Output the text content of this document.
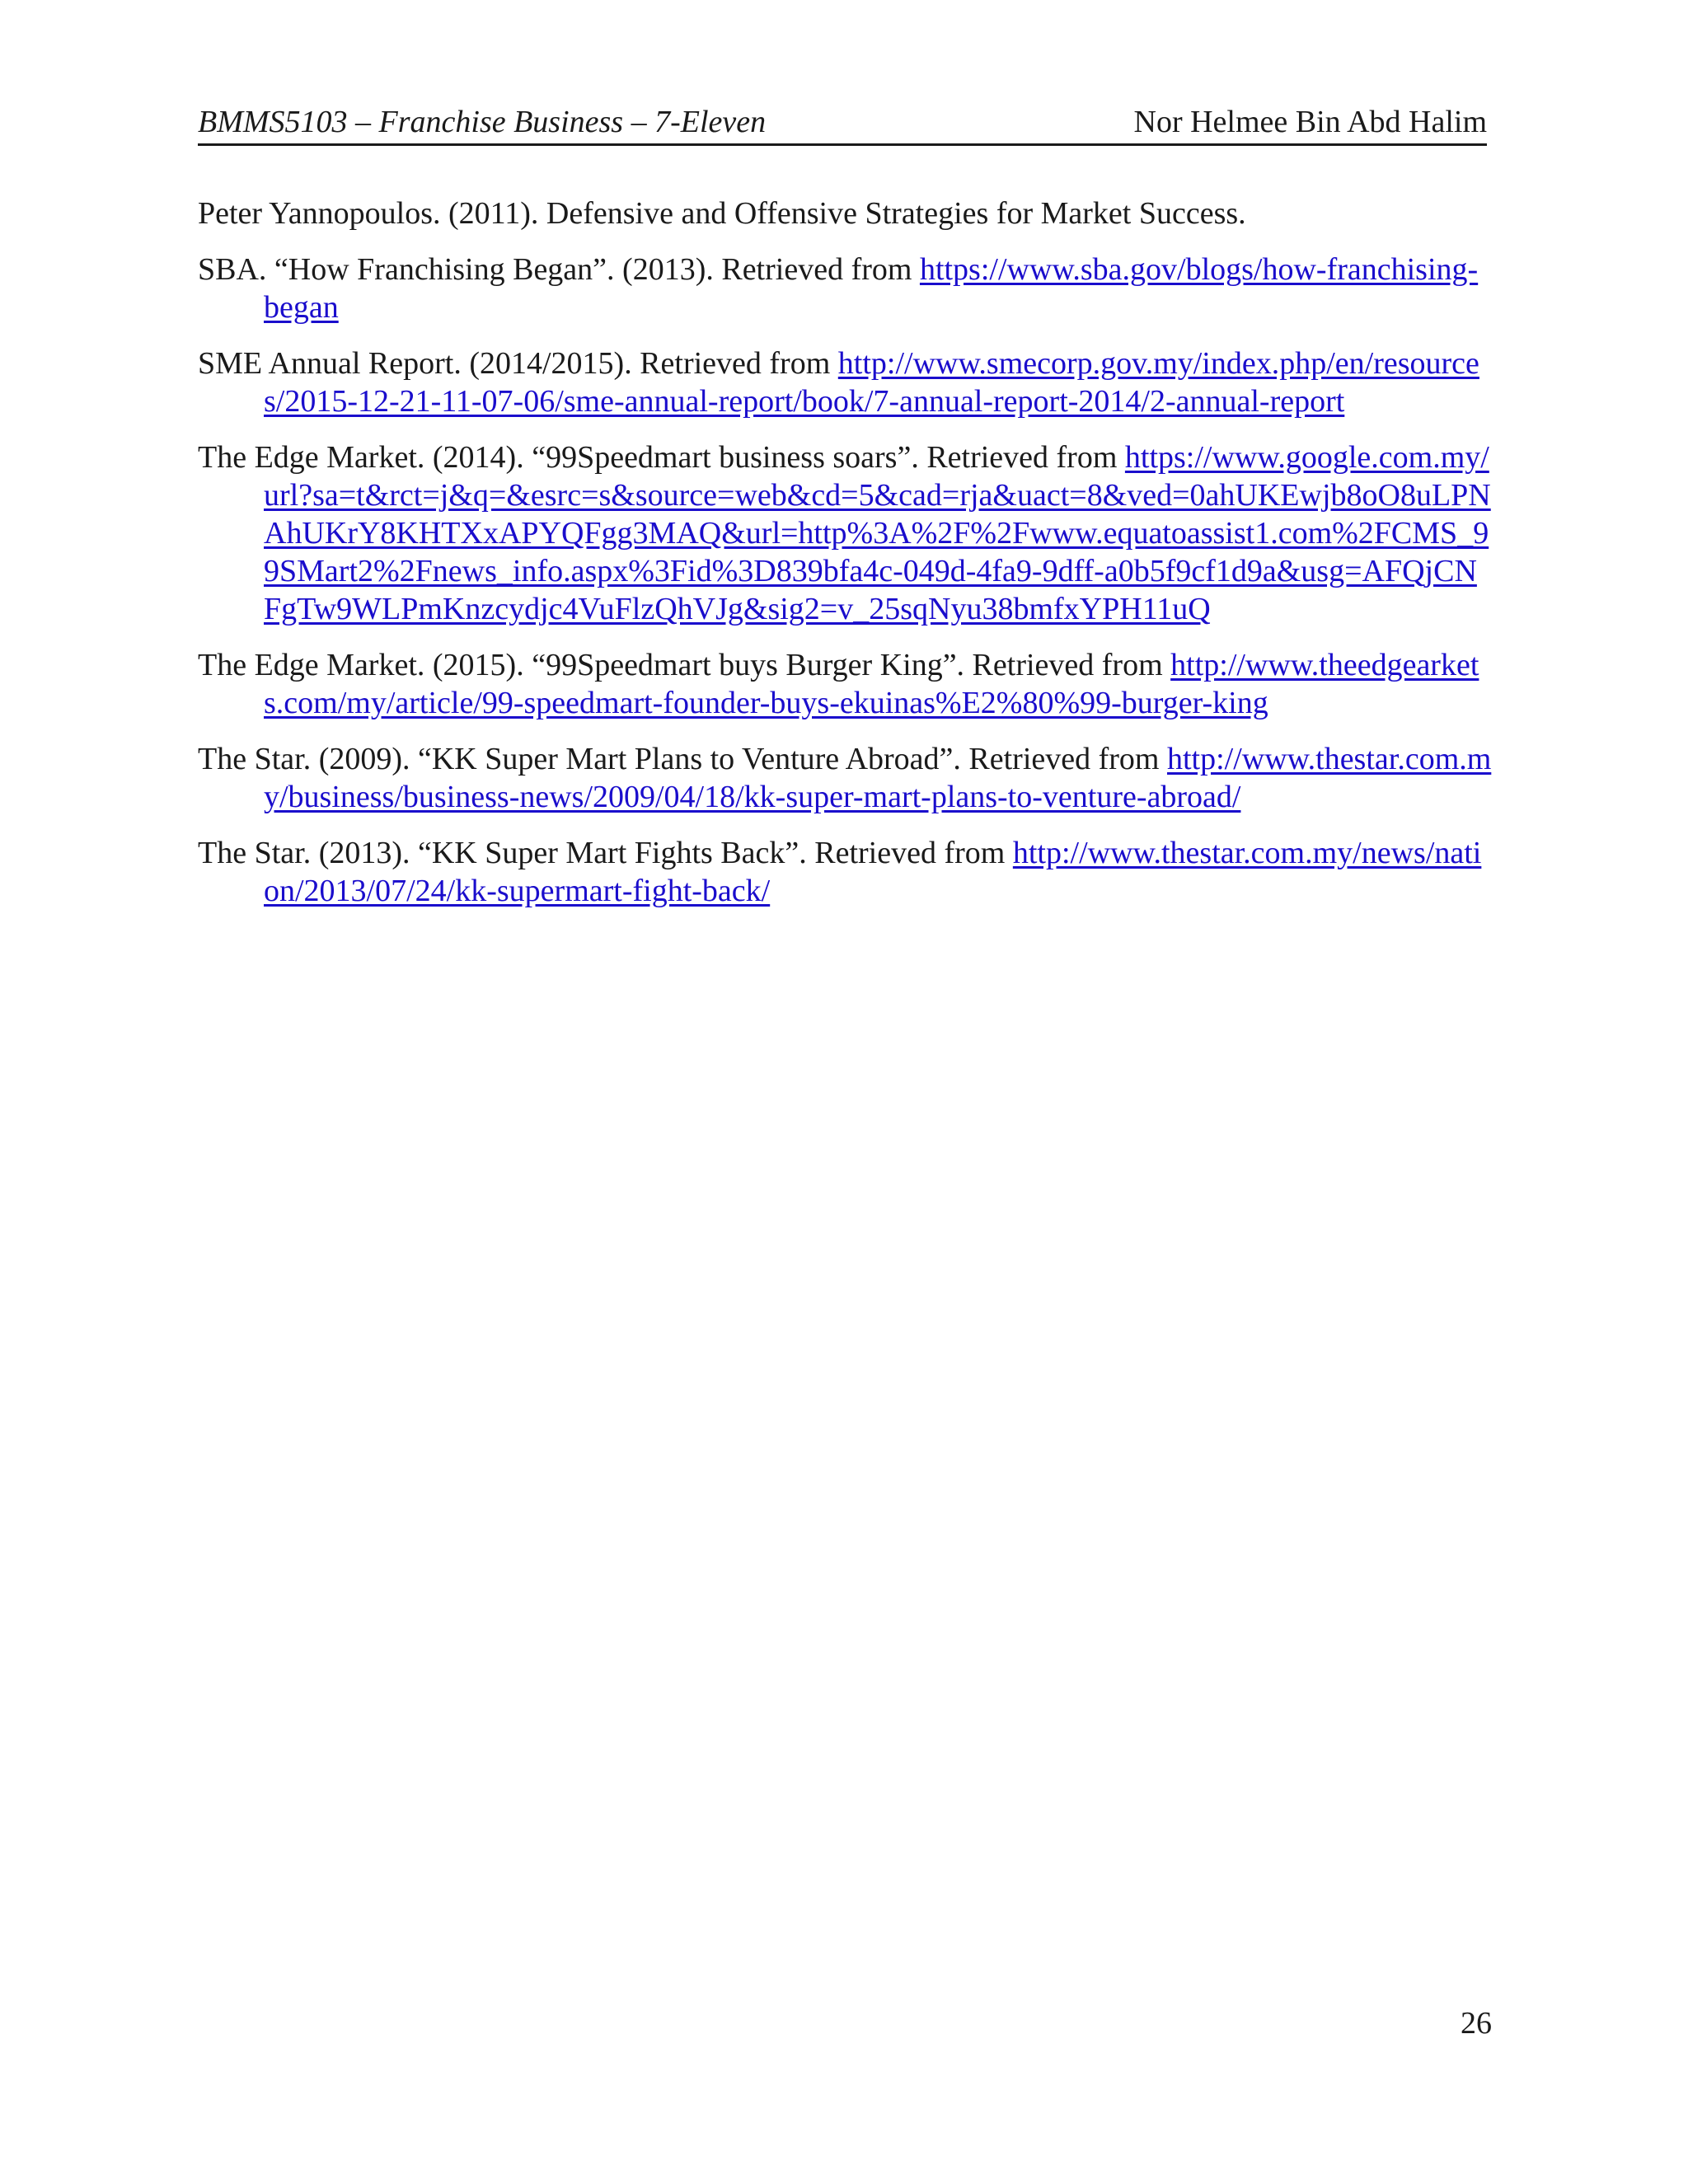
BMMS5103 – Franchise Business – 7-Eleven	Nor Helmee Bin Abd Halim
Peter Yannopoulos. (2011). Defensive and Offensive Strategies for Market Success.
SBA. “How Franchising Began”. (2013). Retrieved from https://www.sba.gov/blogs/how-franchising-began
SME Annual Report. (2014/2015). Retrieved from http://www.smecorp.gov.my/index.php/en/resources/2015-12-21-11-07-06/sme-annual-report/book/7-annual-report-2014/2-annual-report
The Edge Market. (2014). “99Speedmart business soars”. Retrieved from https://www.google.com.my/url?sa=t&rct=j&q=&esrc=s&source=web&cd=5&cad=rja&uact=8&ved=0ahUKEwjb8oO8uLPNAhUKrY8KHTXxAPYQFgg3MAQ&url=http%3A%2F%2Fwww.equatoassist1.com%2FCMS_99SMart2%2Fnews_info.aspx%3Fid%3D839bfa4c-049d-4fa9-9dff-a0b5f9cf1d9a&usg=AFQjCNFgTw9WLPmKnzcydjc4VuFlzQhVJg&sig2=v_25sqNyu38bmfxYPH11uQ
The Edge Market. (2015). “99Speedmart buys Burger King”. Retrieved from http://www.theedgearkets.com/my/article/99-speedmart-founder-buys-ekuinas%E2%80%99-burger-king
The Star. (2009). “KK Super Mart Plans to Venture Abroad”. Retrieved from http://www.thestar.com.my/business/business-news/2009/04/18/kk-super-mart-plans-to-venture-abroad/
The Star. (2013). “KK Super Mart Fights Back”. Retrieved from http://www.thestar.com.my/news/nation/2013/07/24/kk-supermart-fight-back/
26
